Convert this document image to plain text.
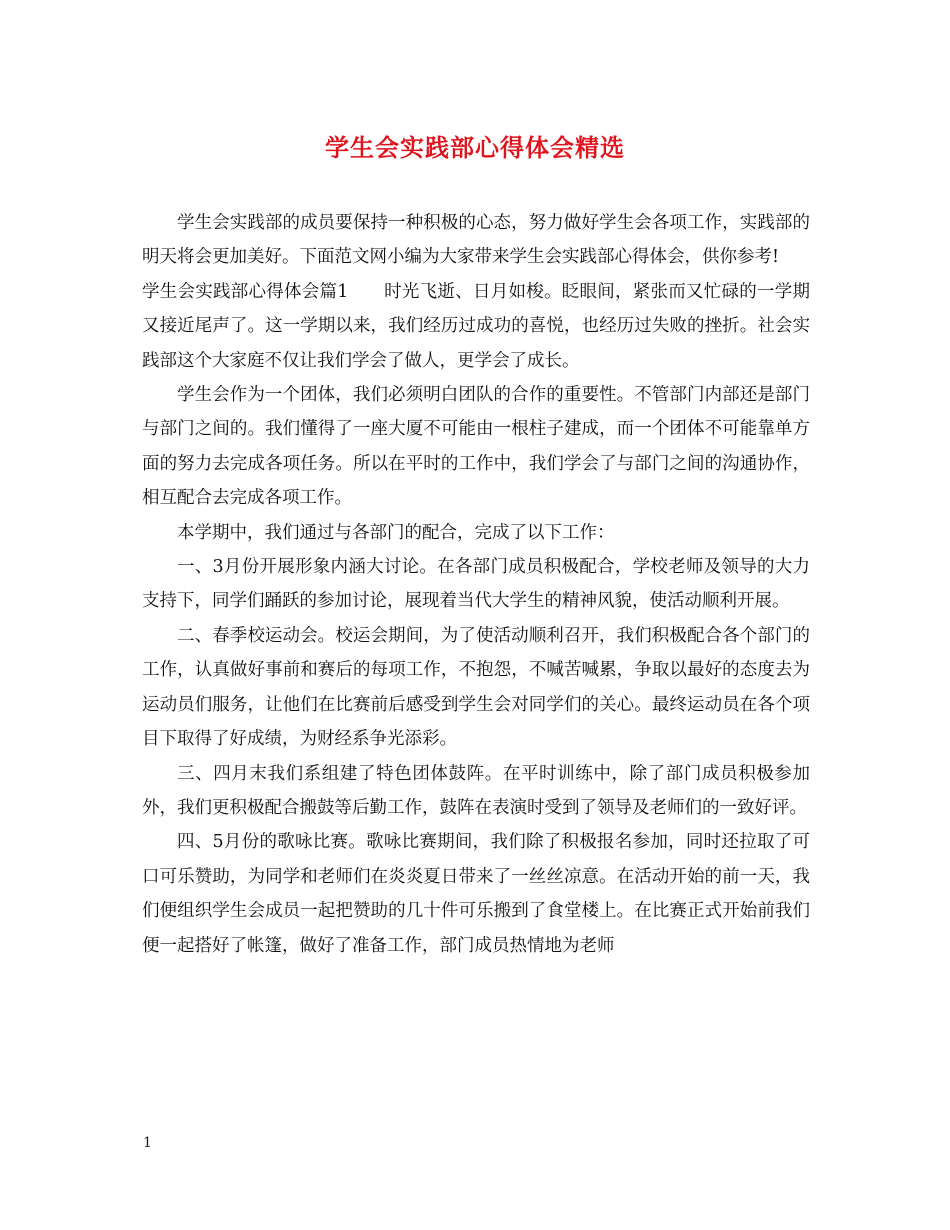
学生会实践部心得体会精选

学生会实践部的成员要保持一种积极的心态，努力做好学生会各项工作，实践部的明天将会更加美好。下面范文网小编为大家带来学生会实践部心得体会，供你参考!

学生会实践部心得体会篇1　　时光飞逝、日月如梭。眨眼间，紧张而又忙碌的一学期又接近尾声了。这一学期以来，我们经历过成功的喜悦，也经历过失败的挫折。社会实践部这个大家庭不仅让我们学会了做人，更学会了成长。

学生会作为一个团体，我们必须明白团队的合作的重要性。不管部门内部还是部门与部门之间的。我们懂得了一座大厦不可能由一根柱子建成，而一个团体不可能靠单方面的努力去完成各项任务。所以在平时的工作中，我们学会了与部门之间的沟通协作，相互配合去完成各项工作。

本学期中，我们通过与各部门的配合，完成了以下工作：

一、3月份开展形象内涵大讨论。在各部门成员积极配合，学校老师及领导的大力支持下，同学们踊跃的参加讨论，展现着当代大学生的精神风貌，使活动顺利开展。

二、春季校运动会。校运会期间，为了使活动顺利召开，我们积极配合各个部门的工作，认真做好事前和赛后的每项工作，不抱怨，不喊苦喊累，争取以最好的态度去为运动员们服务，让他们在比赛前后感受到学生会对同学们的关心。最终运动员在各个项目下取得了好成绩，为财经系争光添彩。

三、四月末我们系组建了特色团体鼓阵。在平时训练中，除了部门成员积极参加外，我们更积极配合搬鼓等后勤工作，鼓阵在表演时受到了领导及老师们的一致好评。

四、5月份的歌咏比赛。歌咏比赛期间，我们除了积极报名参加，同时还拉取了可口可乐赞助，为同学和老师们在炎炎夏日带来了一丝丝凉意。在活动开始的前一天，我们便组织学生会成员一起把赞助的几十件可乐搬到了食堂楼上。在比赛正式开始前我们便一起搭好了帐篷，做好了准备工作，部门成员热情地为老师

1
